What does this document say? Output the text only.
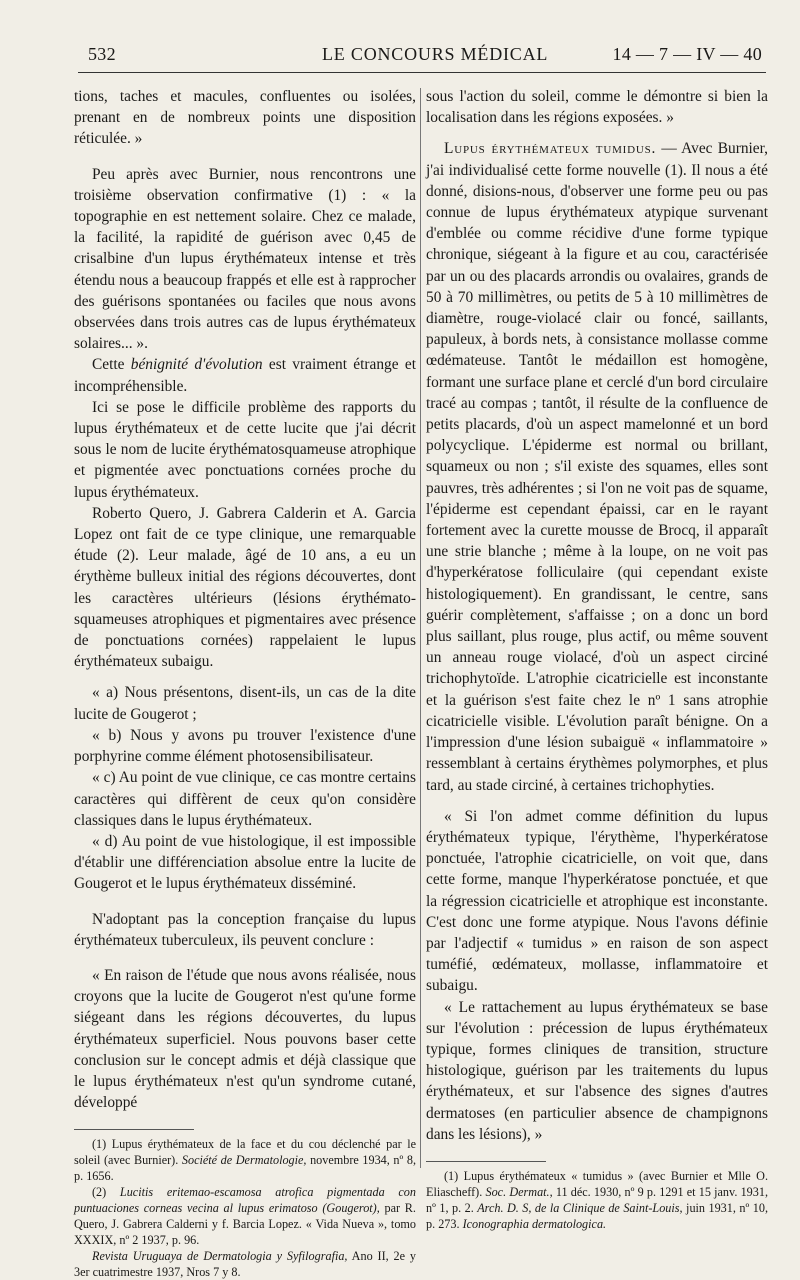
532	LE CONCOURS MÉDICAL	14 — 7 — IV — 40

tions, taches et macules, confluentes ou isolées, prenant en de nombreux points une disposition réticulée. »

Peu après avec Burnier, nous rencontrons une troisième observation confirmative (1) : « la topographie en est nettement solaire. Chez ce malade, la facilité, la rapidité de guérison avec 0,45 de crisalbine d'un lupus érythémateux intense et très étendu nous a beaucoup frappés et elle est à rapprocher des guérisons spontanées ou faciles que nous avons observées dans trois autres cas de lupus érythémateux solaires... ».

Cette bénignité d'évolution est vraiment étrange et incompréhensible.

Ici se pose le difficile problème des rapports du lupus érythémateux et de cette lucite que j'ai décrit sous le nom de lucite érythématosquameuse atrophique et pigmentée avec ponctuations cornées proche du lupus érythémateux.

Roberto Quero, J. Gabrera Calderin et A. Garcia Lopez ont fait de ce type clinique, une remarquable étude (2). Leur malade, âgé de 10 ans, a eu un érythème bulleux initial des régions découvertes, dont les caractères ultérieurs (lésions érythémato-squameuses atrophiques et pigmentaires avec présence de ponctuations cornées) rappelaient le lupus érythémateux subaigu.

« a) Nous présentons, disent-ils, un cas de la dite lucite de Gougerot ;

« b) Nous y avons pu trouver l'existence d'une porphyrine comme élément photosensibilisateur.

« c) Au point de vue clinique, ce cas montre certains caractères qui diffèrent de ceux qu'on considère classiques dans le lupus érythémateux.

« d) Au point de vue histologique, il est impossible d'établir une différenciation absolue entre la lucite de Gougerot et le lupus érythémateux disséminé.

N'adoptant pas la conception française du lupus érythémateux tuberculeux, ils peuvent conclure :

« En raison de l'étude que nous avons réalisée, nous croyons que la lucite de Gougerot n'est qu'une forme siégeant dans les régions découvertes, du lupus érythémateux superficiel. Nous pouvons baser cette conclusion sur le concept admis et déjà classique que le lupus érythémateux n'est qu'un syndrome cutané, développé

(1) Lupus érythémateux de la face et du cou déclenché par le soleil (avec Burnier). Société de Dermatologie, novembre 1934, nº 8, p. 1656.

(2) Lucitis eritemao-escamosa atrofica pigmentada con puntuaciones corneas vecina al lupus erimatoso (Gougerot), par R. Quero, J. Gabrera Calderni y f. Barcia Lopez. « Vida Nueva », tomo XXXIX, nº 2 1937, p. 96.

Revista Uruguaya de Dermatologia y Syfilografia, Ano II, 2e y 3er cuatrimestre 1937, Nros 7 y 8.

sous l'action du soleil, comme le démontre si bien la localisation dans les régions exposées. »

Lupus érythémateux tumidus. — Avec Burnier, j'ai individualisé cette forme nouvelle (1). Il nous a été donné, disions-nous, d'observer une forme peu ou pas connue de lupus érythémateux atypique survenant d'emblée ou comme récidive d'une forme typique chronique, siégeant à la figure et au cou, caractérisée par un ou des placards arrondis ou ovalaires, grands de 50 à 70 millimètres, ou petits de 5 à 10 millimètres de diamètre, rouge-violacé clair ou foncé, saillants, papuleux, à bords nets, à consistance mollasse comme œdémateuse. Tantôt le médaillon est homogène, formant une surface plane et cerclé d'un bord circulaire tracé au compas ; tantôt, il résulte de la confluence de petits placards, d'où un aspect mamelonné et un bord polycyclique. L'épiderme est normal ou brillant, squameux ou non ; s'il existe des squames, elles sont pauvres, très adhérentes ; si l'on ne voit pas de squame, l'épiderme est cependant épaissi, car en le rayant fortement avec la curette mousse de Brocq, il apparaît une strie blanche ; même à la loupe, on ne voit pas d'hyperkératose folliculaire (qui cependant existe histologiquement). En grandissant, le centre, sans guérir complètement, s'affaisse ; on a donc un bord plus saillant, plus rouge, plus actif, ou même souvent un anneau rouge violacé, d'où un aspect circiné trichophytoïde. L'atrophie cicatricielle est inconstante et la guérison s'est faite chez le nº 1 sans atrophie cicatricielle visible. L'évolution paraît bénigne. On a l'impression d'une lésion subaiguë « inflammatoire » ressemblant à certains érythèmes polymorphes, et plus tard, au stade circiné, à certaines trichophyties.

« Si l'on admet comme définition du lupus érythémateux typique, l'érythème, l'hyperkératose ponctuée, l'atrophie cicatricielle, on voit que, dans cette forme, manque l'hyperkératose ponctuée, et que la régression cicatricielle et atrophique est inconstante. C'est donc une forme atypique. Nous l'avons définie par l'adjectif « tumidus » en raison de son aspect tuméfié, œdémateux, mollasse, inflammatoire et subaigu.

« Le rattachement au lupus érythémateux se base sur l'évolution : précession de lupus érythémateux typique, formes cliniques de transition, structure histologique, guérison par les traitements du lupus érythémateux, et sur l'absence des signes d'autres dermatoses (en particulier absence de champignons dans les lésions), »

(1) Lupus érythémateux « tumidus » (avec Burnier et Mlle O. Eliascheff). Soc. Dermat., 11 déc. 1930, nº 9 p. 1291 et 15 janv. 1931, nº 1, p. 2. Arch. D. S, de la Clinique de Saint-Louis, juin 1931, nº 10, p. 273. Iconographia dermatologica.
